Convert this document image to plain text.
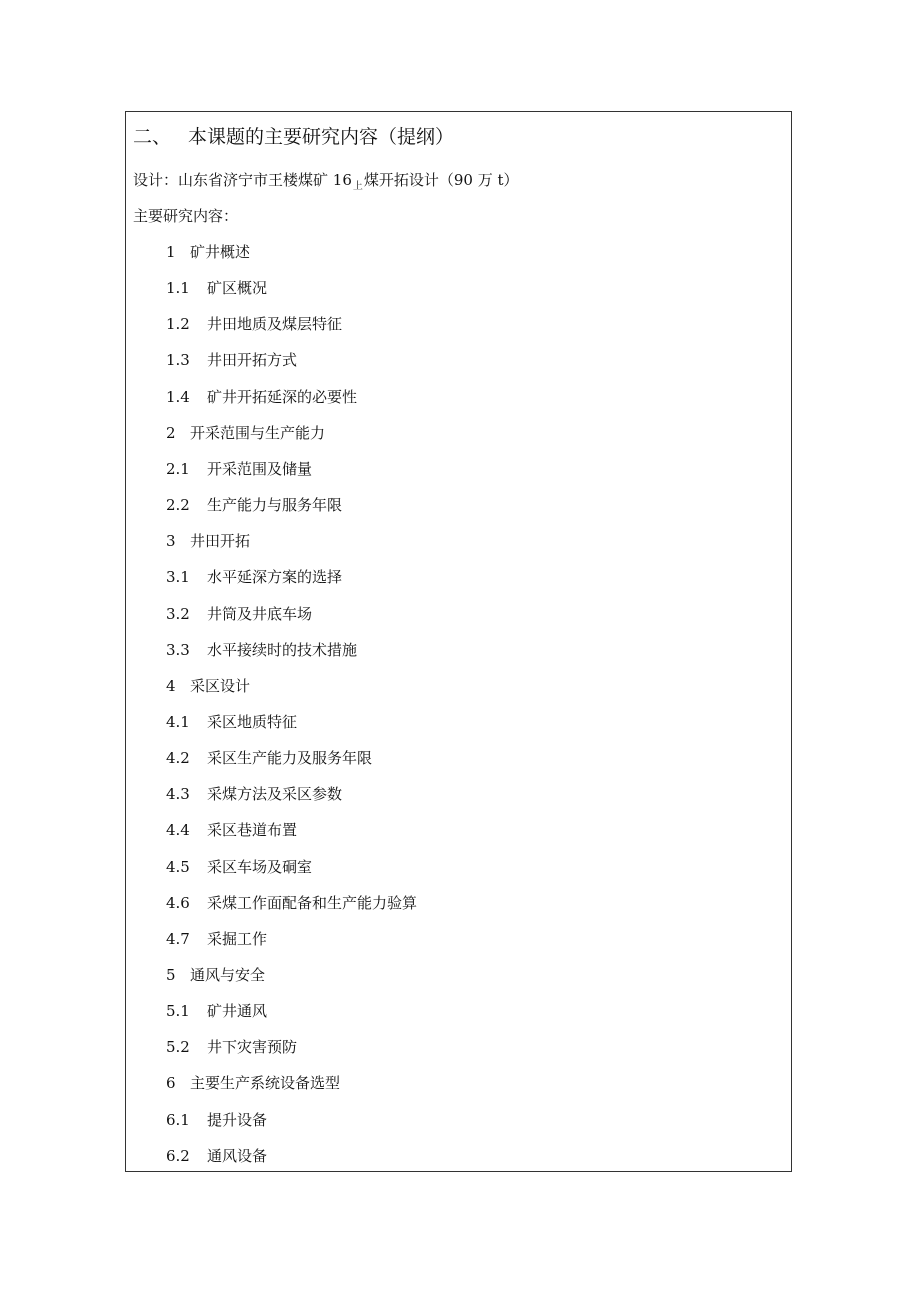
二、 本课题的主要研究内容（提纲）
设计：山东省济宁市王楼煤矿 $16_上$煤开拓设计（90 万 t）
主要研究内容：
1 矿井概述
1.1 矿区概况
1.2 井田地质及煤层特征
1.3 井田开拓方式
1.4 矿井开拓延深的必要性
2 开采范围与生产能力
2.1 开采范围及储量
2.2 生产能力与服务年限
3 井田开拓
3.1 水平延深方案的选择
3.2 井筒及井底车场
3.3 水平接续时的技术措施
4 采区设计
4.1 采区地质特征
4.2 采区生产能力及服务年限
4.3 采煤方法及采区参数
4.4 采区巷道布置
4.5 采区车场及硐室
4.6 采煤工作面配备和生产能力验算
4.7 采掘工作
5 通风与安全
5.1 矿井通风
5.2 井下灾害预防
6 主要生产系统设备选型
6.1 提升设备
6.2 通风设备
